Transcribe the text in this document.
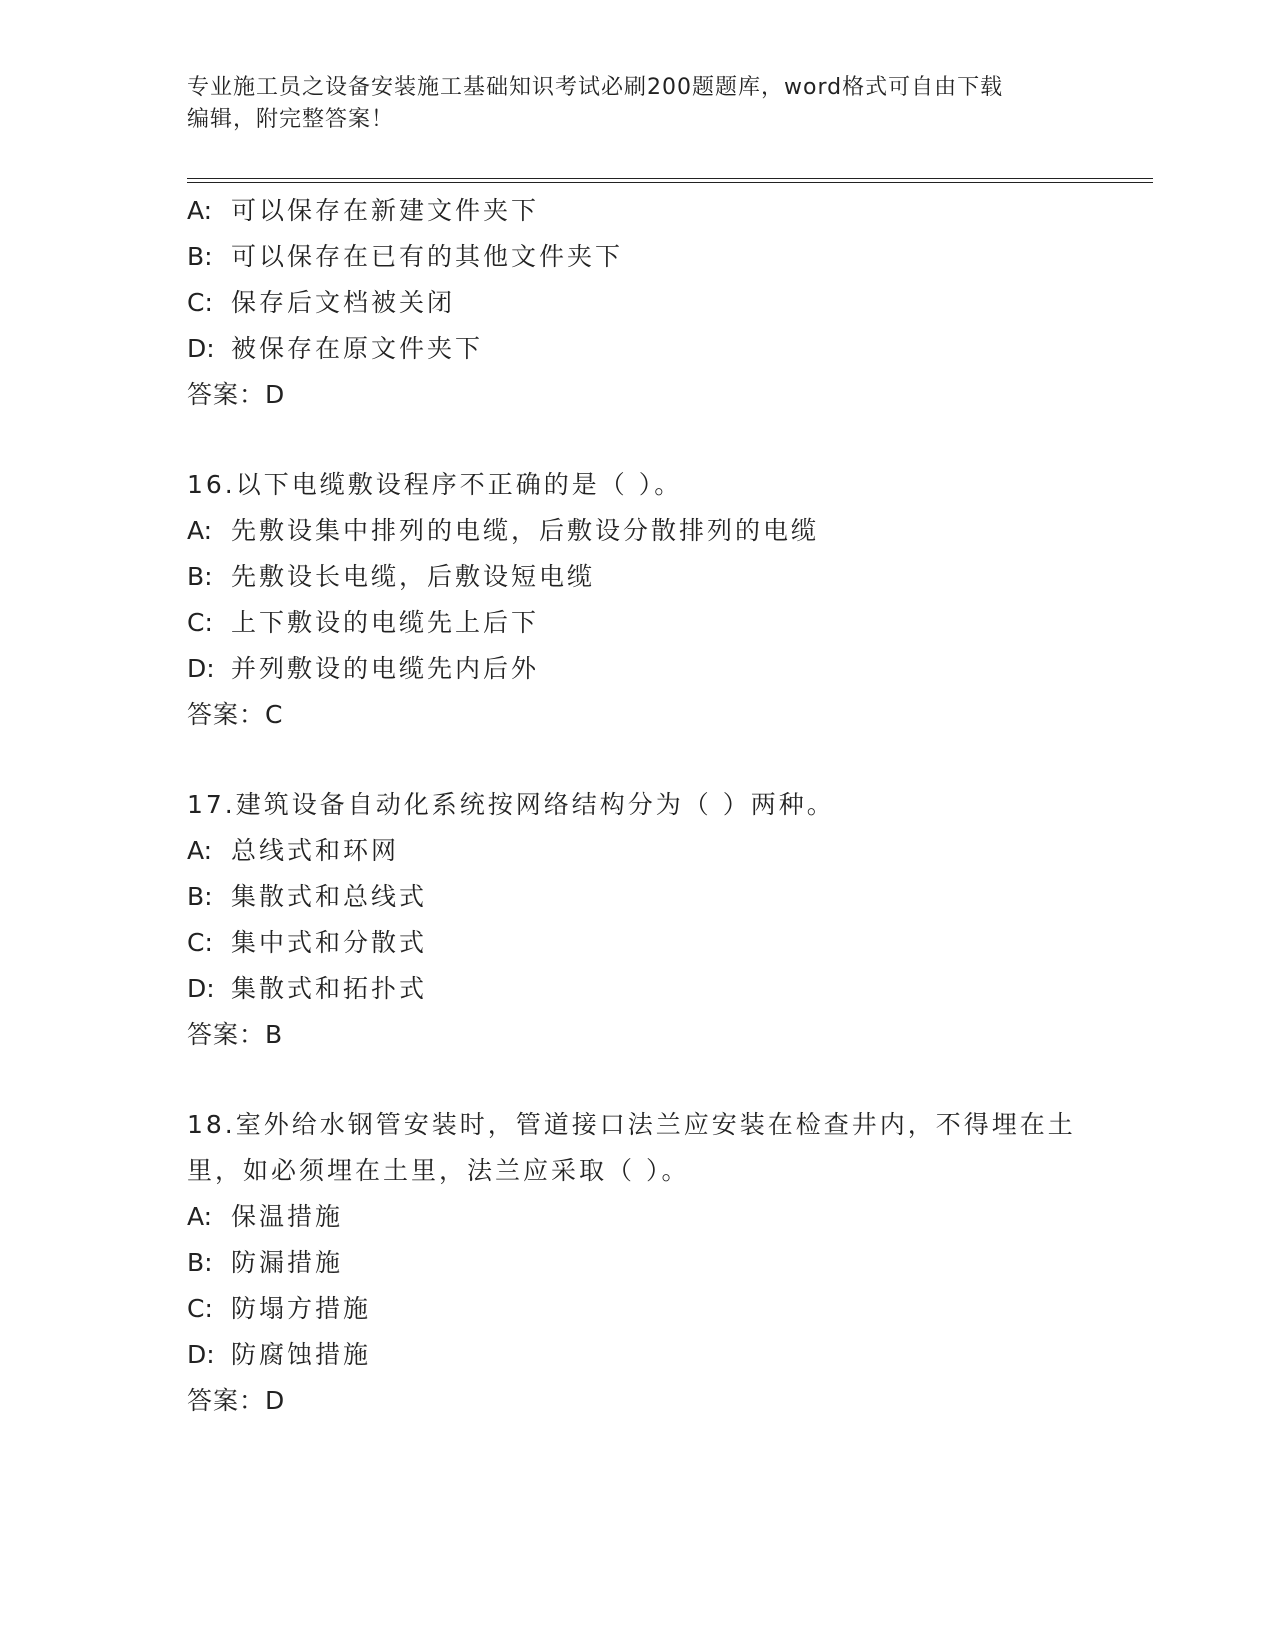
专业施工员之设备安装施工基础知识考试必刷200题题库，word格式可自由下载
编辑，附完整答案！
A: 可以保存在新建文件夹下
B: 可以保存在已有的其他文件夹下
C: 保存后文档被关闭
D: 被保存在原文件夹下
答案：D
16.以下电缆敷设程序不正确的是（ ）。
A: 先敷设集中排列的电缆，后敷设分散排列的电缆
B: 先敷设长电缆，后敷设短电缆
C: 上下敷设的电缆先上后下
D: 并列敷设的电缆先内后外
答案：C
17.建筑设备自动化系统按网络结构分为（ ）两种。
A: 总线式和环网
B: 集散式和总线式
C: 集中式和分散式
D: 集散式和拓扑式
答案：B
18.室外给水钢管安装时，管道接口法兰应安装在检查井内，不得埋在土里，如必须埋在土里，法兰应采取（ ）。
A: 保温措施
B: 防漏措施
C: 防塌方措施
D: 防腐蚀措施
答案：D
